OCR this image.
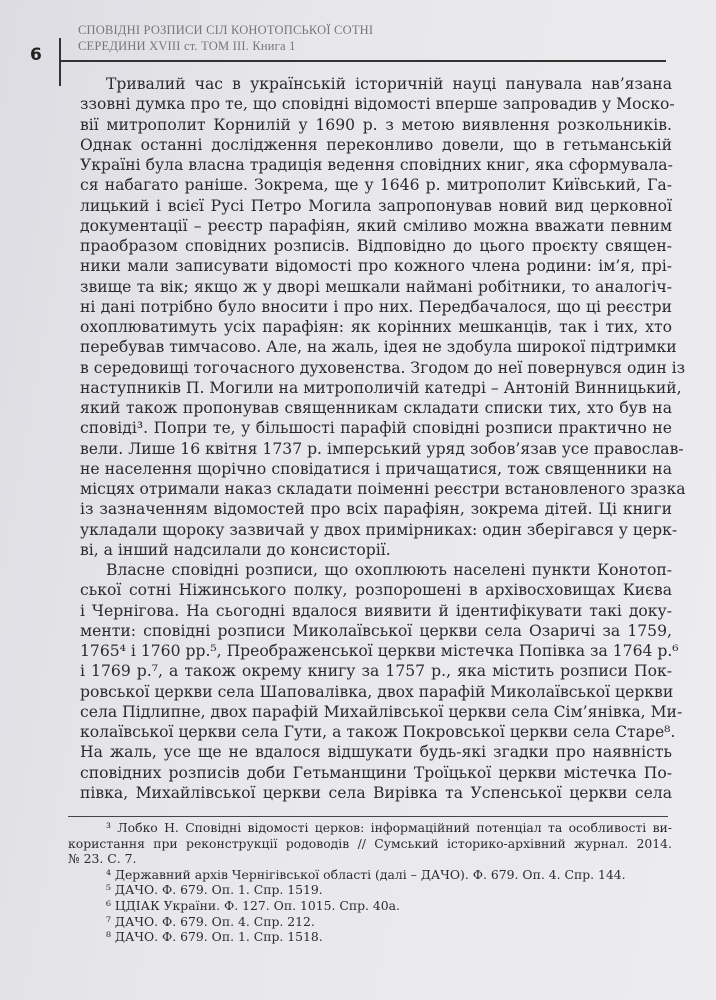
6
СПОВІДНІ РОЗПИСИ СІЛ КОНОТОПСЬКОЇ СОТНІ
СЕРЕДИНИ XVIII ст. ТОМ III. Книга 1
Тривалий час в українській історичній науці панувала нав’язана
ззовні думка про те, що сповідні відомості вперше запровадив у Моско-
вії митрополит Корнилій у 1690 р. з метою виявлення розкольників.
Однак останні дослідження переконливо довели, що в гетьманській
Україні була власна традиція ведення сповідних книг, яка сформувала-
ся набагато раніше. Зокрема, ще у 1646 р. митрополит Київський, Га-
лицький і всієї Русі Петро Могила запропонував новий вид церковної
документації – реєстр парафіян, який сміливо можна вважати певним
праобразом сповідних розписів. Відповідно до цього проєкту священ-
ники мали записувати відомості про кожного члена родини: ім’я, прі-
звище та вік; якщо ж у дворі мешкали наймані робітники, то аналогіч-
ні дані потрібно було вносити і про них. Передбачалося, що ці реєстри
охоплюватимуть усіх парафіян: як корінних мешканців, так і тих, хто
перебував тимчасово. Але, на жаль, ідея не здобула широкої підтримки
в середовищі тогочасного духовенства. Згодом до неї повернувся один із
наступників П. Могили на митрополичій катедрі – Антоній Винницький,
який також пропонував священникам складати списки тих, хто був на
сповіді³. Попри те, у більшості парафій сповідні розписи практично не
вели. Лише 16 квітня 1737 р. імперський уряд зобов’язав усе православ-
не населення щорічно сповідатися і причащатися, тож священники на
місцях отримали наказ складати поіменні реєстри встановленого зразка
із зазначенням відомостей про всіх парафіян, зокрема дітей. Ці книги
укладали щороку зазвичай у двох примірниках: один зберігався у церк-
ві, а інший надсилали до консисторії.
Власне сповідні розписи, що охоплюють населені пункти Конотоп-
ської сотні Ніжинського полку, розпорошені в архівосховищах Києва
і Чернігова. На сьогодні вдалося виявити й ідентифікувати такі доку-
менти: сповідні розписи Миколаївської церкви села Озаричі за 1759,
1765⁴ і 1760 рр.⁵, Преображенської церкви містечка Попівка за 1764 р.⁶
і 1769 р.⁷, а також окрему книгу за 1757 р., яка містить розписи Пок-
ровської церкви села Шаповалівка, двох парафій Миколаївської церкви
села Підлипне, двох парафій Михайлівської церкви села Сім’янівка, Ми-
колаївської церкви села Гути, а також Покровської церкви села Старе⁸.
На жаль, усе ще не вдалося відшукати будь-які згадки про наявність
сповідних розписів доби Гетьманщини Троїцької церкви містечка По-
півка, Михайлівської церкви села Вирівка та Успенської церкви села
³ Лобко Н. Сповідні відомості церков: інформаційний потенціал та особливості ви-
користання при реконструкції родоводів // Сумський історико-архівний журнал. 2014.
№ 23. С. 7.
⁴ Державний архів Чернігівської області (далі – ДАЧО). Ф. 679. Оп. 4. Спр. 144.
⁵ ДАЧО. Ф. 679. Оп. 1. Спр. 1519.
⁶ ЦДІАК України. Ф. 127. Оп. 1015. Спр. 40а.
⁷ ДАЧО. Ф. 679. Оп. 4. Спр. 212.
⁸ ДАЧО. Ф. 679. Оп. 1. Спр. 1518.
